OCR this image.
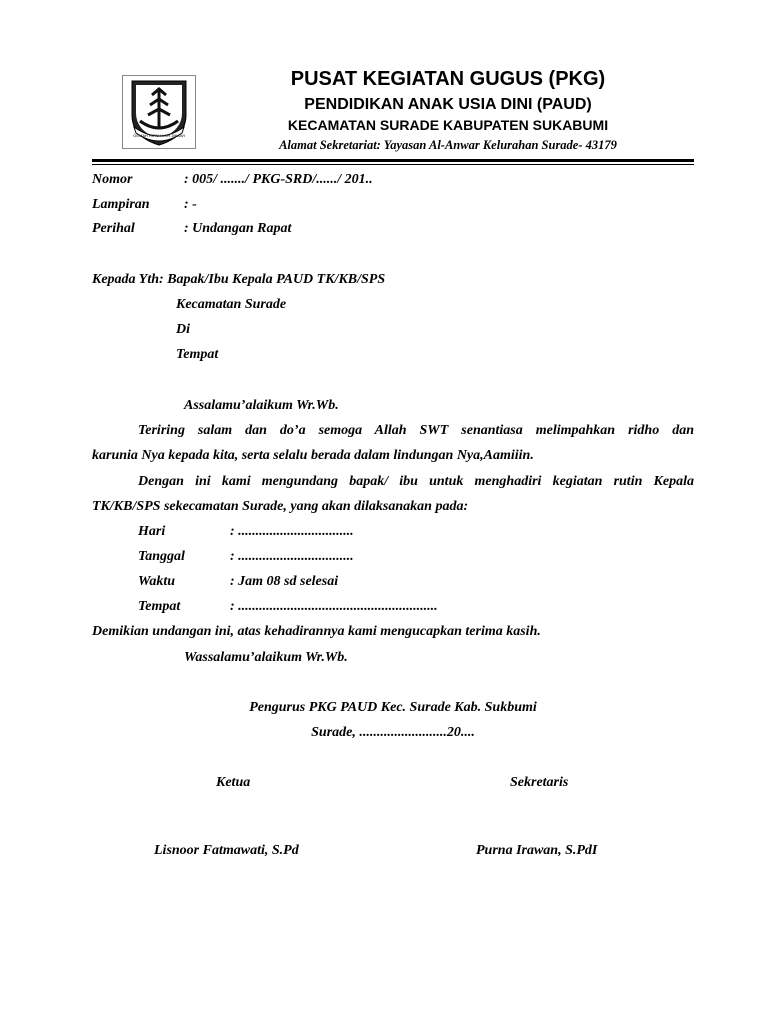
GEMAH RIPAH LOH JINAWI
PUSAT KEGIATAN GUGUS (PKG)
PENDIDIKAN ANAK USIA DINI (PAUD)
KECAMATAN SURADE KABUPATEN SUKABUMI
Alamat Sekretariat: Yayasan Al-Anwar Kelurahan Surade- 43179
Nomor	: 005/ ......./ PKG-SRD/....../ 201..
Lampiran : -
Perihal	: Undangan Rapat
Kepada Yth: Bapak/Ibu Kepala PAUD TK/KB/SPS
Kecamatan Surade
Di
Tempat
Assalamu’alaikum Wr.Wb.
Teriring salam dan do’a semoga Allah SWT senantiasa melimpahkan ridho dan
karunia Nya kepada kita, serta selalu berada dalam lindungan Nya,Aamiiin.
Dengan ini kami mengundang bapak/ ibu untuk menghadiri kegiatan rutin Kepala
TK/KB/SPS sekecamatan Surade, yang akan dilaksanakan pada:
Hari	: .................................
Tanggal	: .................................
Waktu	: Jam 08 sd selesai
Tempat	: .........................................................
Demikian undangan ini, atas kehadirannya kami mengucapkan terima kasih.
Wassalamu’alaikum Wr.Wb.
Pengurus PKG PAUD Kec. Surade Kab. Sukbumi
Surade, .........................20....
Ketua	Sekretaris
Lisnoor Fatmawati, S.Pd	Purna Irawan, S.PdI
